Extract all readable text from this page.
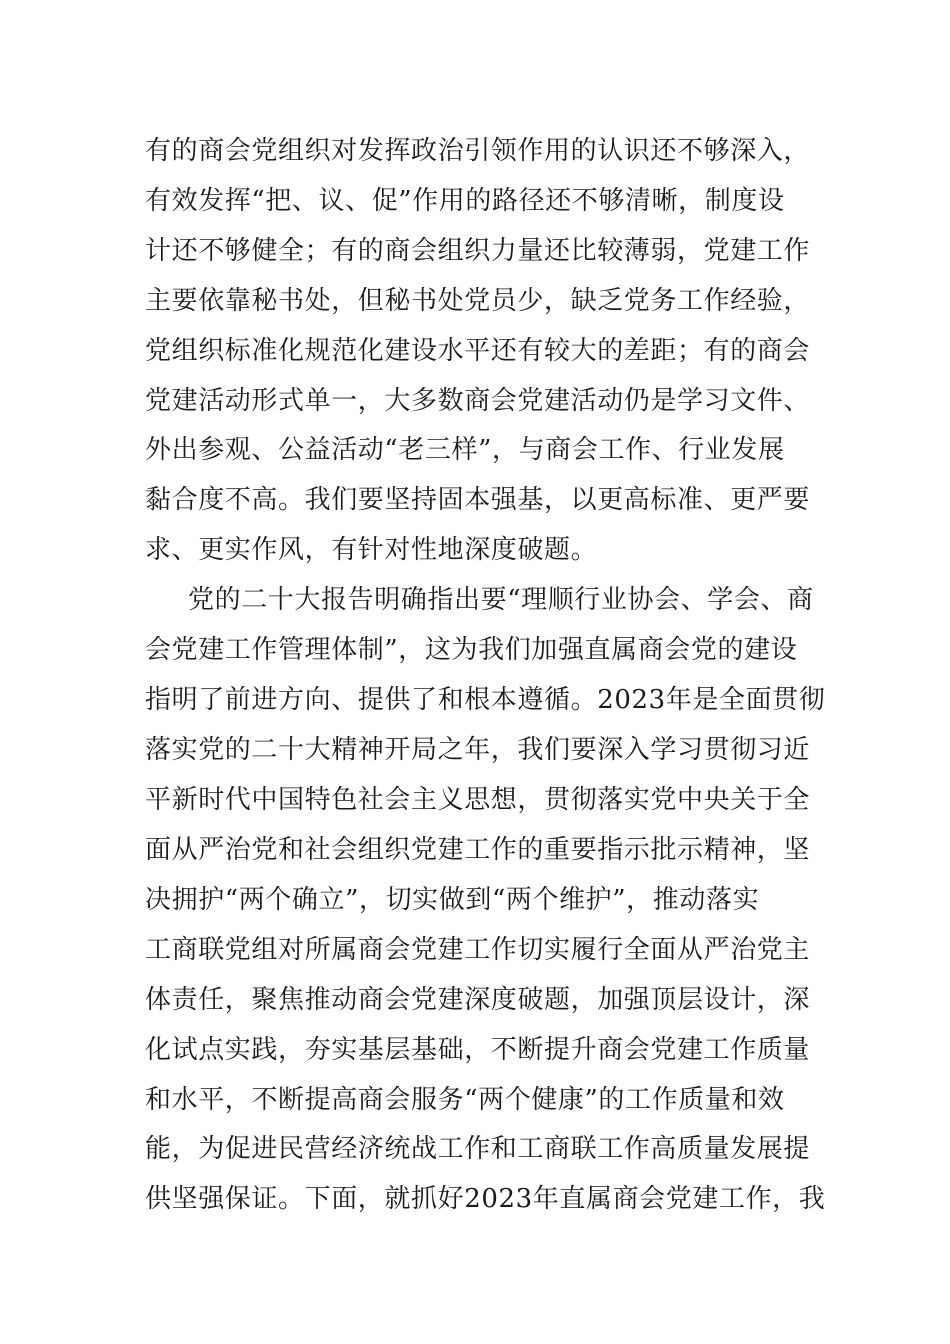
有的商会党组织对发挥政治引领作用的认识还不够深入，
有效发挥“把、议、促”作用的路径还不够清晰，制度设
计还不够健全；有的商会组织力量还比较薄弱，党建工作
主要依靠秘书处，但秘书处党员少，缺乏党务工作经验，
党组织标准化规范化建设水平还有较大的差距；有的商会
党建活动形式单一，大多数商会党建活动仍是学习文件、
外出参观、公益活动“老三样”，与商会工作、行业发展
黏合度不高。我们要坚持固本强基，以更高标准、更严要
求、更实作风，有针对性地深度破题。
党的二十大报告明确指出要“理顺行业协会、学会、商
会党建工作管理体制”，这为我们加强直属商会党的建设
指明了前进方向、提供了和根本遵循。2023年是全面贯彻
落实党的二十大精神开局之年，我们要深入学习贯彻习近
平新时代中国特色社会主义思想，贯彻落实党中央关于全
面从严治党和社会组织党建工作的重要指示批示精神，坚
决拥护“两个确立”，切实做到“两个维护”，推动落实
工商联党组对所属商会党建工作切实履行全面从严治党主
体责任，聚焦推动商会党建深度破题，加强顶层设计，深
化试点实践，夯实基层基础，不断提升商会党建工作质量
和水平，不断提高商会服务“两个健康”的工作质量和效
能，为促进民营经济统战工作和工商联工作高质量发展提
供坚强保证。下面，就抓好2023年直属商会党建工作，我
